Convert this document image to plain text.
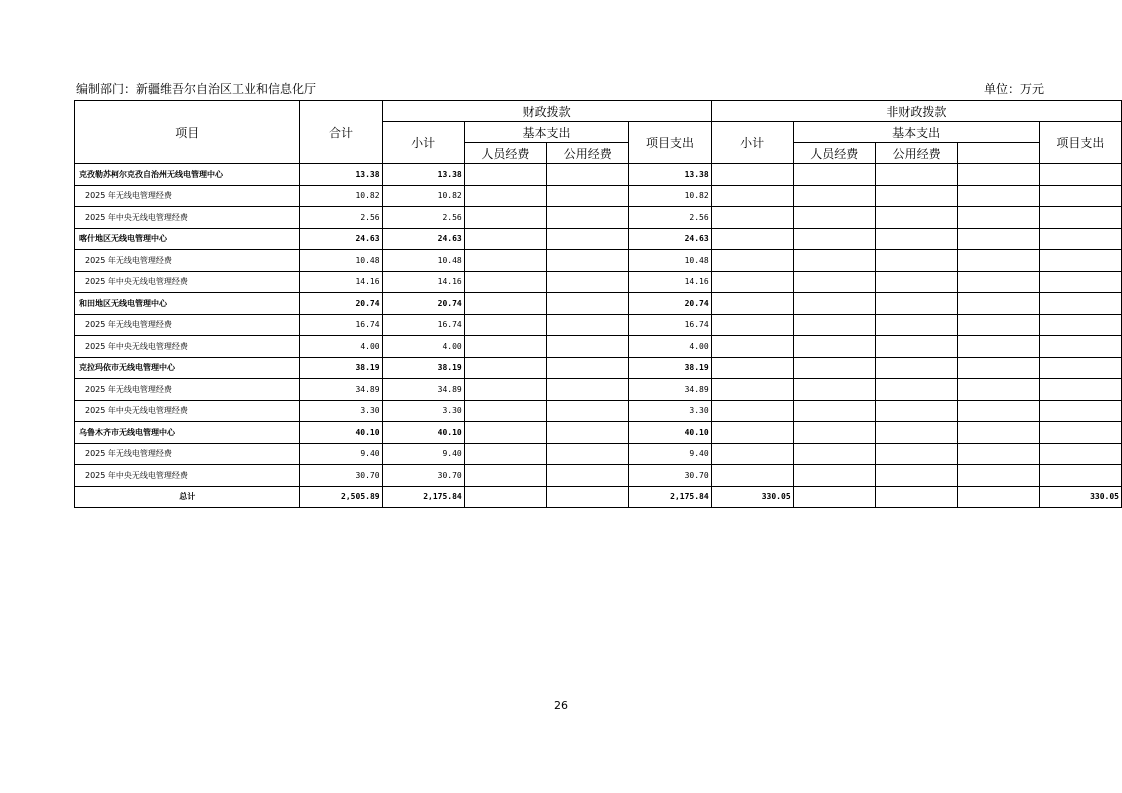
编制部门：新疆维吾尔自治区工业和信息化厅	单位：万元
项目	合计	财政拨款				非财政拨款				
		小计	基本支出		项目支出	小计	基本支出			项目支出
			人员经费	公用经费			人员经费	公用经费		
克孜勒苏柯尔克孜自治州无线电管理中心	13.38	13.38			13.38					
2025 年无线电管理经费	10.82	10.82			10.82					
2025 年中央无线电管理经费	2.56	2.56			2.56					
喀什地区无线电管理中心	24.63	24.63			24.63					
2025 年无线电管理经费	10.48	10.48			10.48					
2025 年中央无线电管理经费	14.16	14.16			14.16					
和田地区无线电管理中心	20.74	20.74			20.74					
2025 年无线电管理经费	16.74	16.74			16.74					
2025 年中央无线电管理经费	4.00	4.00			4.00					
克拉玛依市无线电管理中心	38.19	38.19			38.19					
2025 年无线电管理经费	34.89	34.89			34.89					
2025 年中央无线电管理经费	3.30	3.30			3.30					
乌鲁木齐市无线电管理中心	40.10	40.10			40.10					
2025 年无线电管理经费	9.40	9.40			9.40					
2025 年中央无线电管理经费	30.70	30.70			30.70					
总计	2,505.89	2,175.84			2,175.84	330.05				330.05
26
